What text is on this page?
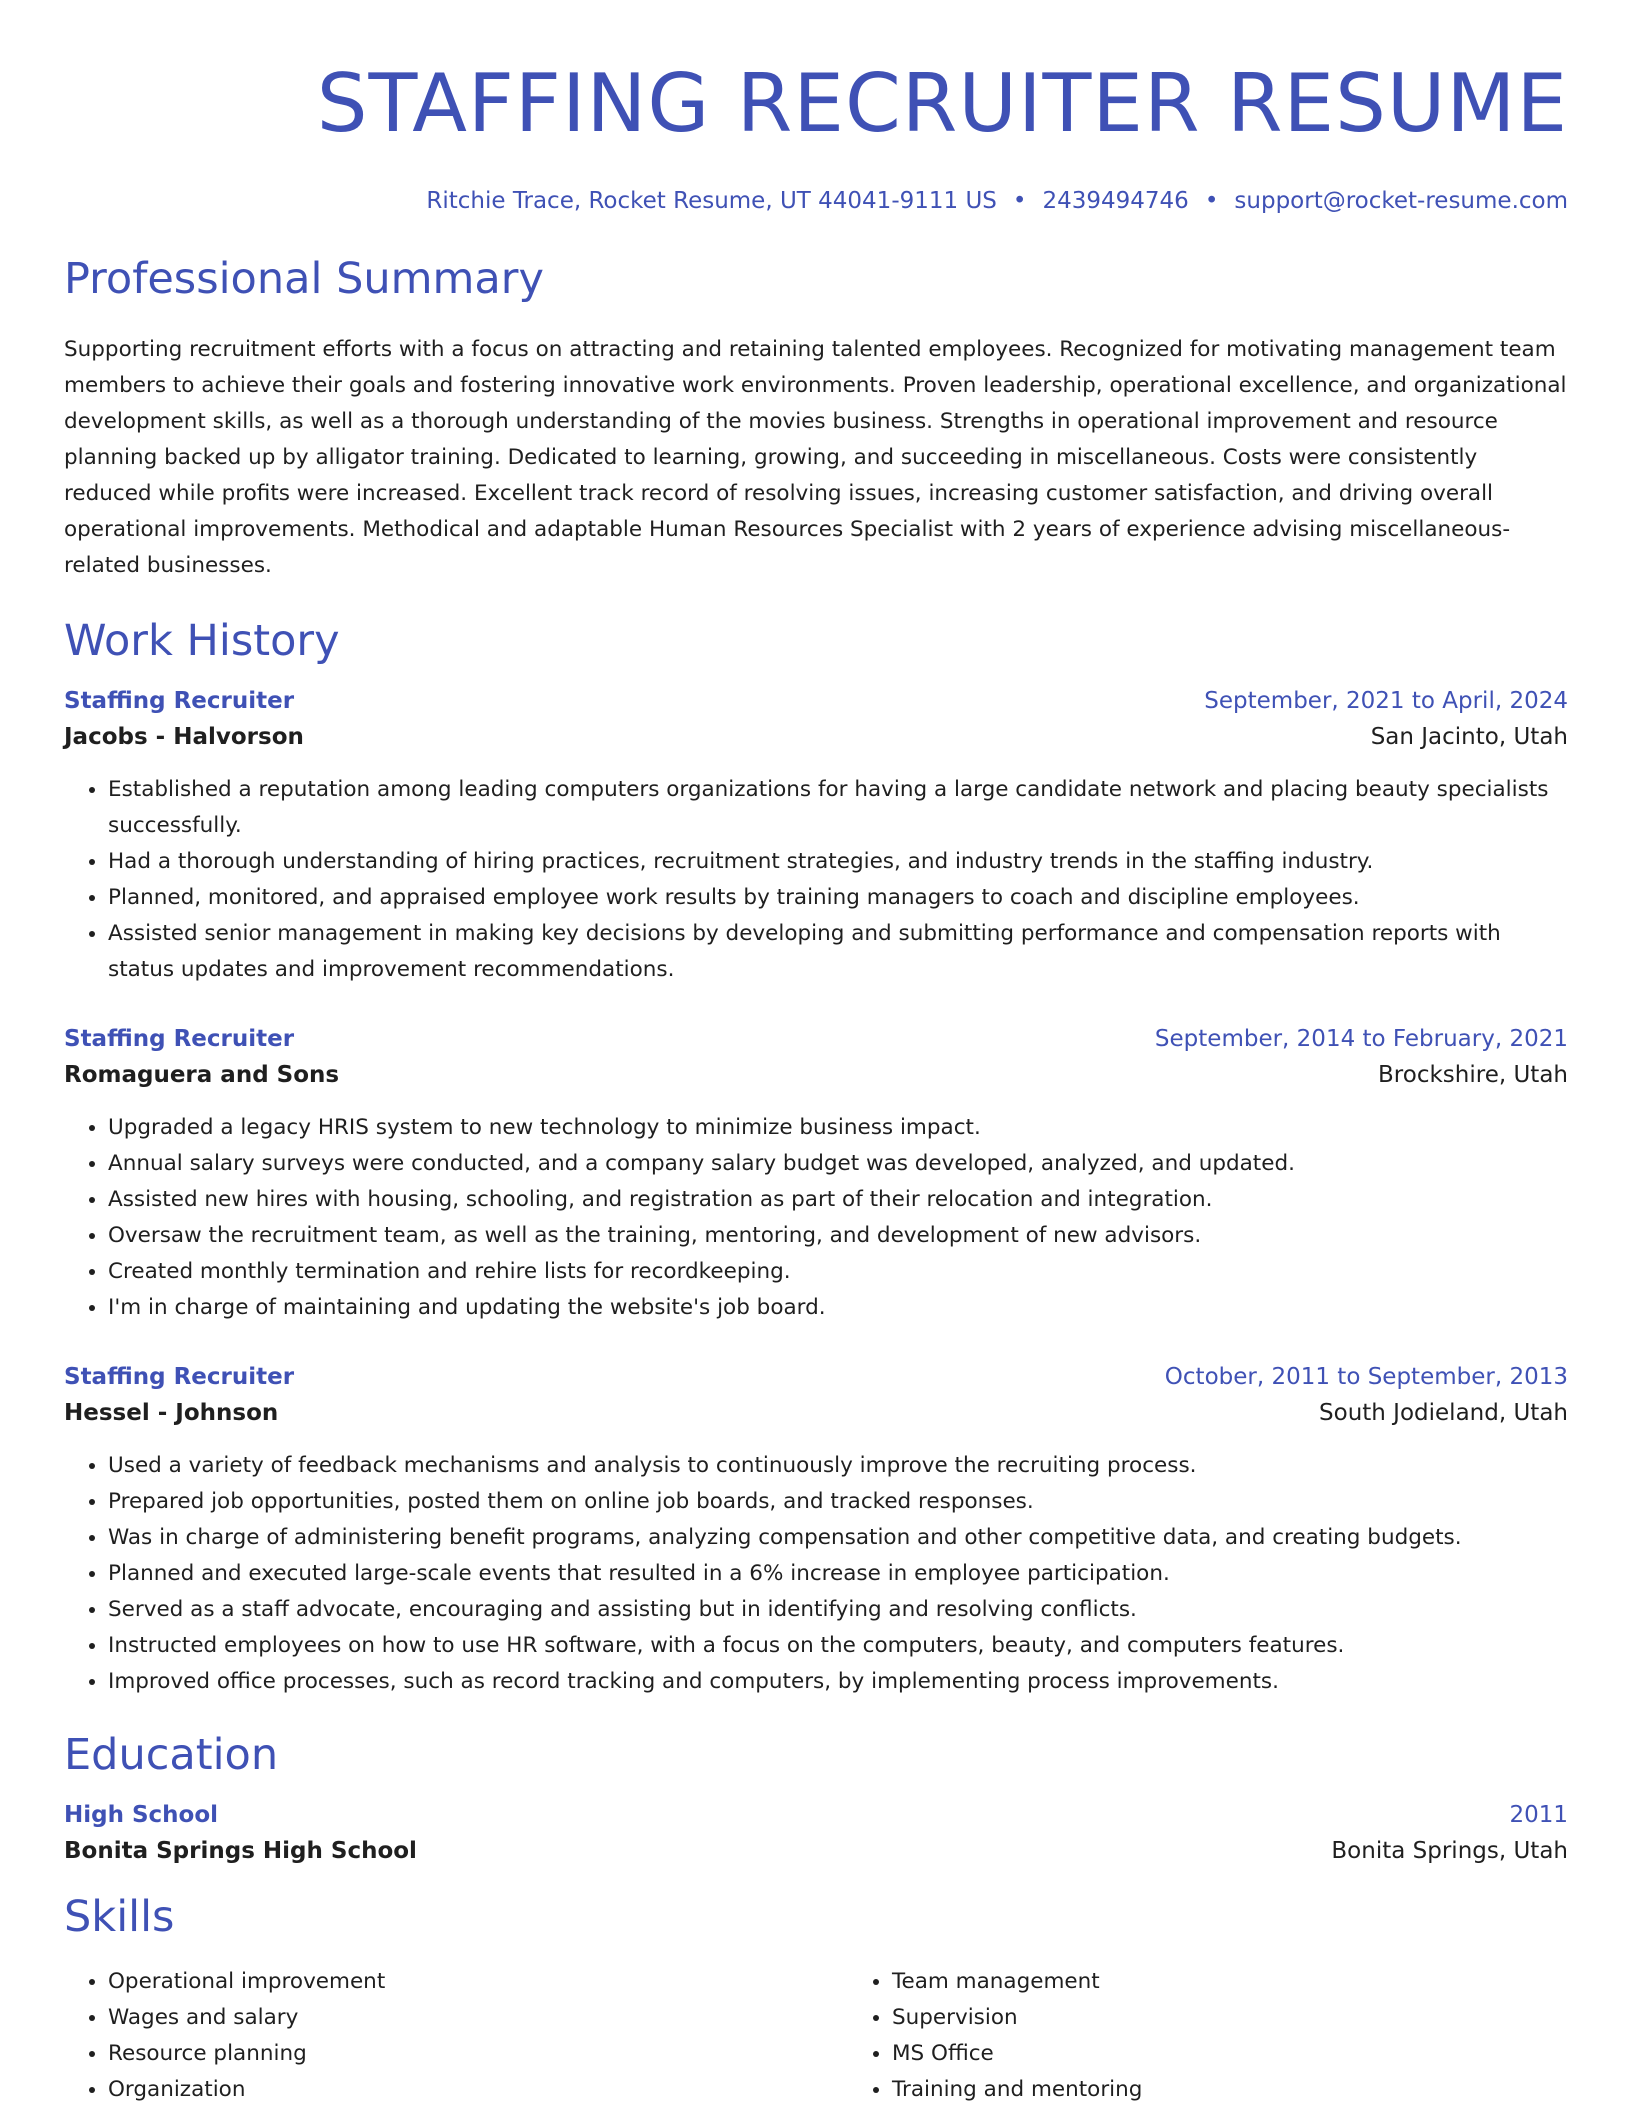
STAFFING RECRUITER RESUME
Ritchie Trace, Rocket Resume, UT 44041-9111 US • 2439494746 • support@rocket-resume.com
Professional Summary
Supporting recruitment efforts with a focus on attracting and retaining talented employees. Recognized for motivating management team members to achieve their goals and fostering innovative work environments. Proven leadership, operational excellence, and organizational development skills, as well as a thorough understanding of the movies business. Strengths in operational improvement and resource planning backed up by alligator training. Dedicated to learning, growing, and succeeding in miscellaneous. Costs were consistently reduced while profits were increased. Excellent track record of resolving issues, increasing customer satisfaction, and driving overall operational improvements. Methodical and adaptable Human Resources Specialist with 2 years of experience advising miscellaneous-related businesses.
Work History
Staffing Recruiter	September, 2021 to April, 2024
Jacobs - Halvorson	San Jacinto, Utah
• Established a reputation among leading computers organizations for having a large candidate network and placing beauty specialists successfully.
• Had a thorough understanding of hiring practices, recruitment strategies, and industry trends in the staffing industry.
• Planned, monitored, and appraised employee work results by training managers to coach and discipline employees.
• Assisted senior management in making key decisions by developing and submitting performance and compensation reports with status updates and improvement recommendations.
Staffing Recruiter	September, 2014 to February, 2021
Romaguera and Sons	Brockshire, Utah
• Upgraded a legacy HRIS system to new technology to minimize business impact.
• Annual salary surveys were conducted, and a company salary budget was developed, analyzed, and updated.
• Assisted new hires with housing, schooling, and registration as part of their relocation and integration.
• Oversaw the recruitment team, as well as the training, mentoring, and development of new advisors.
• Created monthly termination and rehire lists for recordkeeping.
• I'm in charge of maintaining and updating the website's job board.
Staffing Recruiter	October, 2011 to September, 2013
Hessel - Johnson	South Jodieland, Utah
• Used a variety of feedback mechanisms and analysis to continuously improve the recruiting process.
• Prepared job opportunities, posted them on online job boards, and tracked responses.
• Was in charge of administering benefit programs, analyzing compensation and other competitive data, and creating budgets.
• Planned and executed large-scale events that resulted in a 6% increase in employee participation.
• Served as a staff advocate, encouraging and assisting but in identifying and resolving conflicts.
• Instructed employees on how to use HR software, with a focus on the computers, beauty, and computers features.
• Improved office processes, such as record tracking and computers, by implementing process improvements.
Education
High School	2011
Bonita Springs High School	Bonita Springs, Utah
Skills
• Operational improvement
• Wages and salary
• Resource planning
• Organization
• Team management
• Supervision
• MS Office
• Training and mentoring
